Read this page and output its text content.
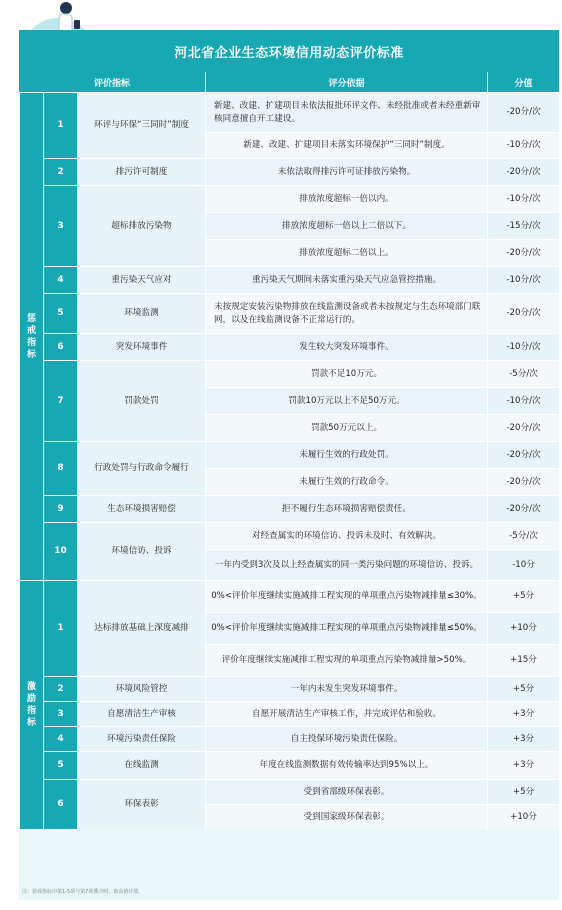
河北省企业生态环境信用动态评价标准
评价指标			评分依据	分值
惩戒指标	1	环评与环保“三同时”制度	新建、改建、扩建项目未依法报批环评文件、未经批准或者未经重新审核同意擅自开工建设。	-20分/次
			新建、改建、扩建项目未落实环境保护“三同时”制度。	-10分/次
	2	排污许可制度	未依法取得排污许可证排放污染物。	-20分/次
	3	超标排放污染物	排放浓度超标一倍以内。	-10分/次
			排放浓度超标一倍以上二倍以下。	-15分/次
			排放浓度超标二倍以上。	-20分/次
	4	重污染天气应对	重污染天气期间未落实重污染天气应急管控措施。	-10分/次
	5	环境监测	未按规定安装污染物排放在线监测设备或者未按规定与生态环境部门联网，以及在线监测设备不正常运行的。	-20分/次
	6	突发环境事件	发生较大突发环境事件。	-10分/次
	7	罚款处罚	罚款不足10万元。	-5分/次
			罚款10万元以上不足50万元。	-10分/次
			罚款50万元以上。	-20分/次
	8	行政处罚与行政命令履行	未履行生效的行政处罚。	-20分/次
			未履行生效的行政命令。	-20分/次
	9	生态环境损害赔偿	拒不履行生态环境损害赔偿责任。	-20分/次
	10	环境信访、投诉	对经查属实的环境信访、投诉未及时、有效解决。	-5分/次
			一年内受到3次及以上经查属实的同一类污染问题的环境信访、投诉。	-10分
激励指标	1	达标排放基础上深度减排	0%<评价年度继续实施减排工程实现的单项重点污染物减排量≤30%。	+5分
			0%<评价年度继续实施减排工程实现的单项重点污染物减排量≤50%。	+10分
			评价年度继续实施减排工程实现的单项重点污染物减排量>50%。	+15分
	2	环境风险管控	一年内未发生突发环境事件。	+5分
	3	自愿清洁生产审核	自愿开展清洁生产审核工作，并完成评估和验收。	+3分
	4	环境污染责任保险	自主投保环境污染责任保险。	+3分
	5	在线监测	年度在线监测数据有效传输率达到95%以上。	+3分
	6	环保表彰	受到省部级环保表彰。	+5分
			受到国家级环保表彰。	+10分
注：惩戒指标中第1-5项与第7项叠合时，取高值计算。
